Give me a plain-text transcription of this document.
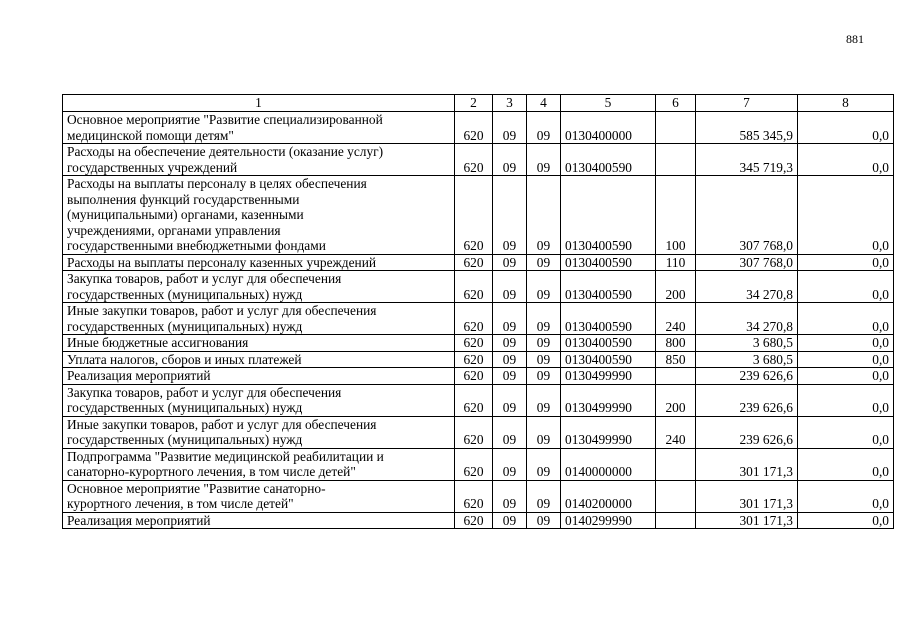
881
1	2	3	4	5	6	7	8
Основное мероприятие "Развитие специализированной
медицинской помощи детям"	620	09	09	0130400000		585 345,9	0,0
Расходы на обеспечение деятельности (оказание услуг)
государственных учреждений	620	09	09	0130400590		345 719,3	0,0
Расходы на выплаты персоналу в целях обеспечения
выполнения функций государственными
(муниципальными) органами, казенными
учреждениями, органами управления
государственными внебюджетными фондами	620	09	09	0130400590	100	307 768,0	0,0
Расходы на выплаты персоналу казенных учреждений	620	09	09	0130400590	110	307 768,0	0,0
Закупка товаров, работ и услуг для обеспечения
государственных (муниципальных) нужд	620	09	09	0130400590	200	34 270,8	0,0
Иные закупки товаров, работ и услуг для обеспечения
государственных (муниципальных) нужд	620	09	09	0130400590	240	34 270,8	0,0
Иные бюджетные ассигнования	620	09	09	0130400590	800	3 680,5	0,0
Уплата налогов, сборов и иных платежей	620	09	09	0130400590	850	3 680,5	0,0
Реализация мероприятий	620	09	09	0130499990		239 626,6	0,0
Закупка товаров, работ и услуг для обеспечения
государственных (муниципальных) нужд	620	09	09	0130499990	200	239 626,6	0,0
Иные закупки товаров, работ и услуг для обеспечения
государственных (муниципальных) нужд	620	09	09	0130499990	240	239 626,6	0,0
Подпрограмма "Развитие медицинской реабилитации и
санаторно-курортного лечения, в том числе детей"	620	09	09	0140000000		301 171,3	0,0
Основное мероприятие "Развитие санаторно-
курортного лечения, в том числе детей"	620	09	09	0140200000		301 171,3	0,0
Реализация мероприятий	620	09	09	0140299990		301 171,3	0,0
